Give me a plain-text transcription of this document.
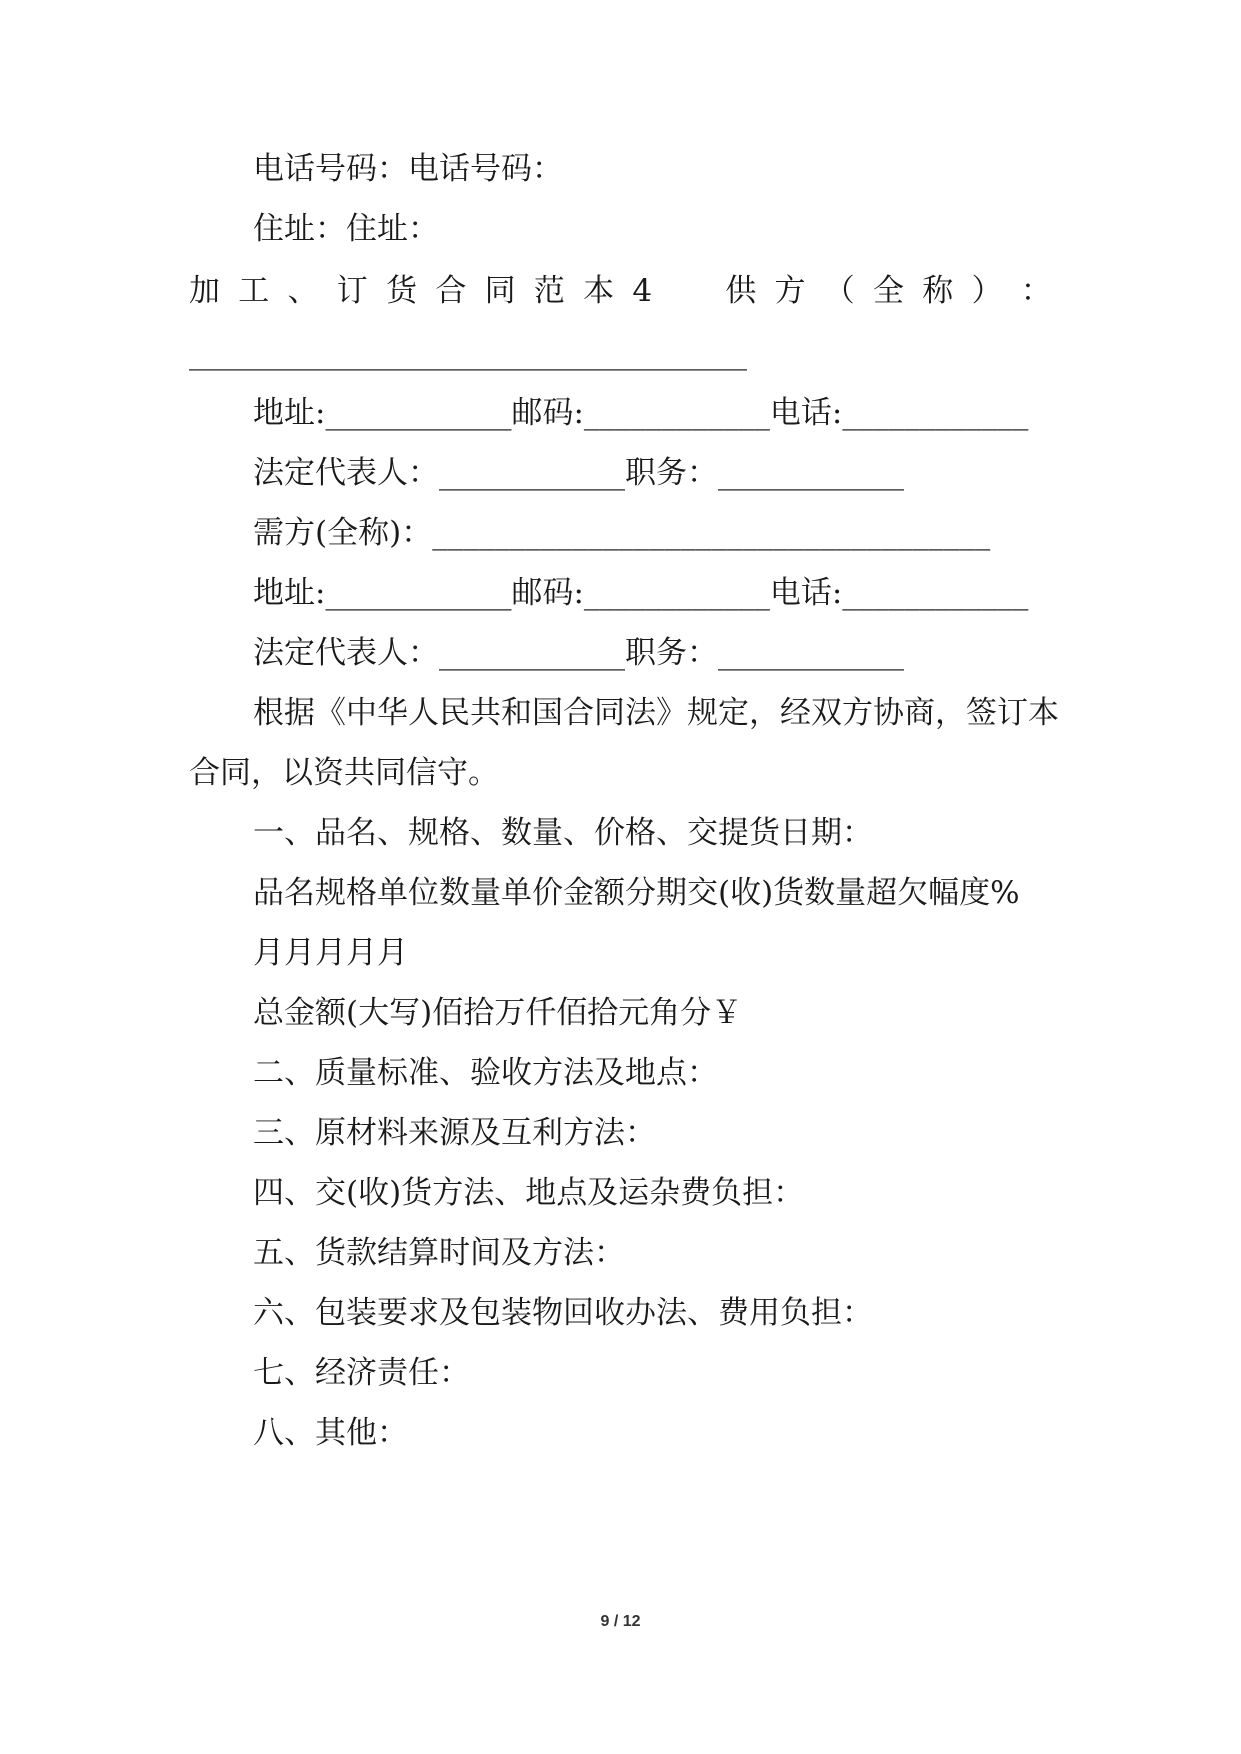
电话号码：电话号码：
住址：住址：
加 工 、 订 货 合 同 范 本 4 供 方 （ 全 称 ） ：
____________________________________
地址:____________邮码:____________电话:____________
法定代表人：____________职务：____________
需方(全称)：____________________________________
地址:____________邮码:____________电话:____________
法定代表人：____________职务：____________
根据《中华人民共和国合同法》规定，经双方协商，签订本
合同，以资共同信守。
一、品名、规格、数量、价格、交提货日期：
品名规格单位数量单价金额分期交(收)货数量超欠幅度%
月月月月月
总金额(大写)佰拾万仟佰拾元角分￥
二、质量标准、验收方法及地点：
三、原材料来源及互利方法：
四、交(收)货方法、地点及运杂费负担：
五、货款结算时间及方法：
六、包装要求及包装物回收办法、费用负担：
七、经济责任：
八、其他：
9 / 12
